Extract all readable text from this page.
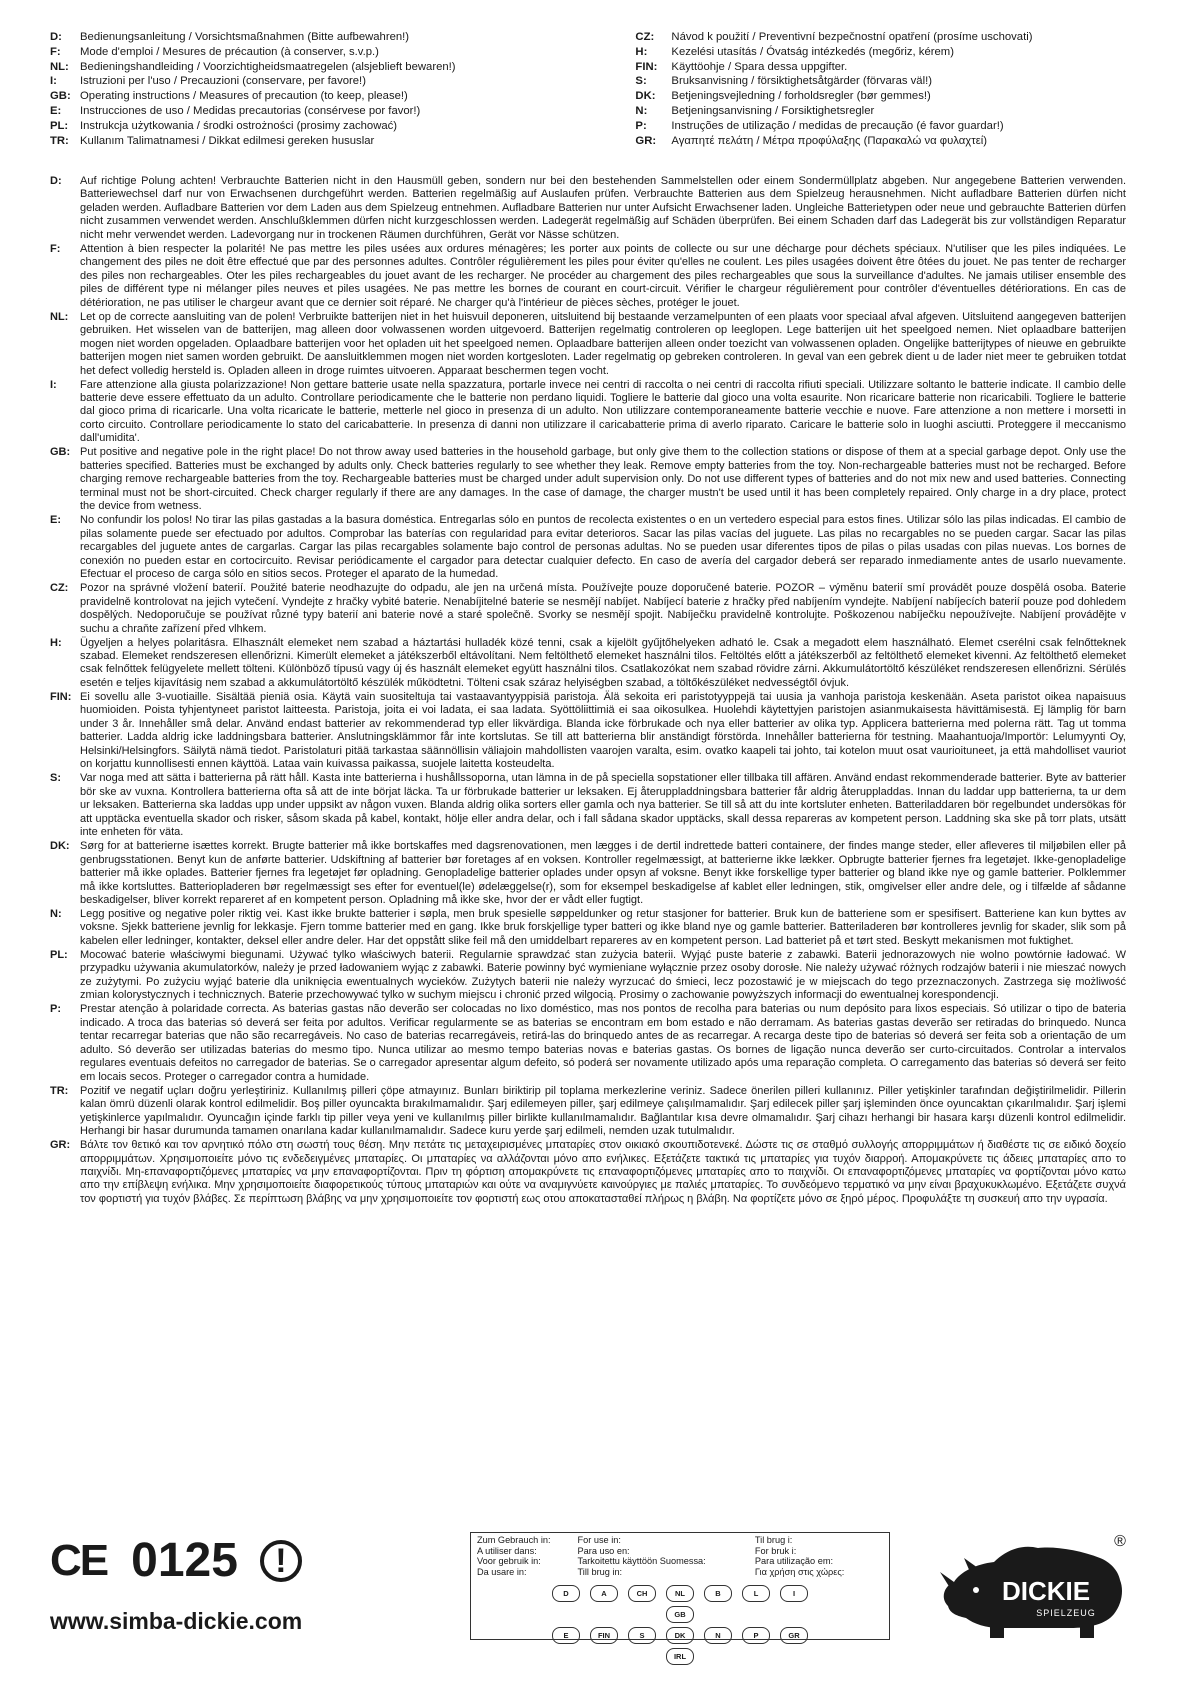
D:	Bedienungsanleitung / Vorsichtsmaßnahmen (Bitte aufbewahren!)
F:	Mode d'emploi / Mesures de précaution (à conserver, s.v.p.)
NL: Bedieningshandleiding / Voorzichtigheidsmaatregelen (alsjeblieft bewaren!)
I:	Istruzioni per l'uso / Precauzioni (conservare, per favore!)
GB: Operating instructions / Measures of precaution (to keep, please!)
E:	Instrucciones de uso / Medidas precautorias (consérvese por favor!)
PL:	Instrukcja użytkowania / środki ostrożności (prosimy zachować)
TR: Kullanım Talimatnamesi / Dikkat edilmesi gereken hususlar
CZ:	Návod k použití / Preventivní bezpečnostní opatření (prosíme uschovati)
H:	Kezelési utasítás / Óvatság intézkedés (megőriz, kérem)
FIN:	Käyttöohje / Spara dessa uppgifter.
S:	Bruksanvisning / försiktighetsåtgärder (förvaras väl!)
DK:	Betjeningsvejledning / forholdsregler (bør gemmes!)
N:	Betjeningsanvisning / Forsiktighetsregler
P:	Instruções de utilização / medidas de precaução (é favor guardar!)
GR:	Αγαπητέ πελάτη / Μέτρα προφύλαξης (Παρακαλώ να φυλαχτεί)
D:	Auf richtige Polung achten! Verbrauchte Batterien nicht in den Hausmüll geben, sondern nur bei den bestehenden Sammelstellen oder einem Sondermüllplatz abgeben. Nur angegebene Batterien verwenden. Batteriewechsel darf nur von Erwachsenen durchgeführt werden. Batterien regelmäßig auf Auslaufen prüfen. Verbrauchte Batterien aus dem Spielzeug herausnehmen. Nicht aufladbare Batterien dürfen nicht geladen werden. Aufladbare Batterien vor dem Laden aus dem Spielzeug entnehmen. Aufladbare Batterien nur unter Aufsicht Erwachsener laden. Ungleiche Batterietypen oder neue und gebrauchte Batterien dürfen nicht zusammen verwendet werden. Anschlußklemmen dürfen nicht kurzgeschlossen werden. Ladegerät regelmäßig auf Schäden überprüfen. Bei einem Schaden darf das Ladegerät bis zur vollständigen Reparatur nicht mehr verwendet werden. Ladevorgang nur in trockenen Räumen durchführen, Gerät vor Nässe schützen.
F:	Attention à bien respecter la polarité! Ne pas mettre les piles usées aux ordures ménagères; les porter aux points de collecte ou sur une décharge pour déchets spéciaux. N'utiliser que les piles indiquées. Le changement des piles ne doit être effectué que par des personnes adultes. Contrôler régulièrement les piles pour éviter qu'elles ne coulent. Les piles usagées doivent être ôtées du jouet. Ne pas tenter de recharger des piles non rechargeables. Oter les piles rechargeables du jouet avant de les recharger. Ne procéder au chargement des piles rechargeables que sous la surveillance d'adultes. Ne jamais utiliser ensemble des piles de différent type ni mélanger piles neuves et piles usagées. Ne pas mettre les bornes de courant en court-circuit. Vérifier le chargeur régulièrement pour contrôler d'éventuelles détériorations. En cas de détérioration, ne pas utiliser le chargeur avant que ce dernier soit réparé. Ne charger qu'à l'intérieur de pièces sèches, protéger le jouet.
NL:	Let op de correcte aansluiting van de polen! Verbruikte batterijen niet in het huisvuil deponeren, uitsluitend bij bestaande verzamelpunten of een plaats voor speciaal afval afgeven. Uitsluitend aangegeven batterijen gebruiken. Het wisselen van de batterijen, mag alleen door volwassenen worden uitgevoerd. Batterijen regelmatig controleren op leeglopen. Lege batterijen uit het speelgoed nemen. Niet oplaadbare batterijen mogen niet worden opgeladen. Oplaadbare batterijen voor het opladen uit het speelgoed nemen. Oplaadbare batterijen alleen onder toezicht van volwassenen opladen. Ongelijke batterijtypes of nieuwe en gebruikte batterijen mogen niet samen worden gebruikt. De aansluitklemmen mogen niet worden kortgesloten. Lader regelmatig op gebreken controleren. In geval van een gebrek dient u de lader niet meer te gebruiken totdat het defect volledig hersteld is. Opladen alleen in droge ruimtes uitvoeren. Apparaat beschermen tegen vocht.
I:	Fare attenzione alla giusta polarizzazione! Non gettare batterie usate nella spazzatura, portarle invece nei centri di raccolta o nei centri di raccolta rifiuti speciali. Utilizzare soltanto le batterie indicate. Il cambio delle batterie deve essere effettuato da un adulto. Controllare periodicamente che le batterie non perdano liquidi. Togliere le batterie dal gioco una volta esaurite. Non ricaricare batterie non ricaricabili. Togliere le batterie dal gioco prima di ricaricarle. Una volta ricaricate le batterie, metterle nel gioco in presenza di un adulto. Non utilizzare contemporaneamente batterie vecchie e nuove. Fare attenzione a non mettere i morsetti in corto circuito. Controllare periodicamente lo stato del caricabatterie. In presenza di danni non utilizzare il caricabatterie prima di averlo riparato. Caricare le batterie solo in luoghi asciutti. Proteggere il meccanismo dall'umidita'.
GB: Put positive and negative pole in the right place! Do not throw away used batteries in the household garbage, but only give them to the collection stations or dispose of them at a special garbage depot. Only use the batteries specified. Batteries must be exchanged by adults only. Check batteries regularly to see whether they leak. Remove empty batteries from the toy. Non-rechargeable batteries must not be recharged. Before charging remove rechargeable batteries from the toy. Rechargeable batteries must be charged under adult supervision only. Do not use different types of batteries and do not mix new and used batteries. Connecting terminal must not be short-circuited. Check charger regularly if there are any damages. In the case of damage, the charger mustn't be used until it has been completely repaired. Only charge in a dry place, protect the device from wetness.
E:	No confundir los polos! No tirar las pilas gastadas a la basura doméstica. Entregarlas sólo en puntos de recolecta existentes o en un vertedero especial para estos fines. Utilizar sólo las pilas indicadas. El cambio de pilas solamente puede ser efectuado por adultos. Comprobar las baterías con regularidad para evitar deterioros. Sacar las pilas vacías del juguete. Las pilas no recargables no se pueden cargar. Sacar las pilas recargables del juguete antes de cargarlas. Cargar las pilas recargables solamente bajo control de personas adultas. No se pueden usar diferentes tipos de pilas o pilas usadas con pilas nuevas. Los bornes de conexión no pueden estar en cortocircuito. Revisar periódicamente el cargador para detectar cualquier defecto. En caso de avería del cargador deberá ser reparado inmediamente antes de usarlo nuevamente. Efectuar el proceso de carga sólo en sitios secos. Proteger el aparato de la humedad.
CZ:	Pozor na správné vložení baterií. Použité baterie neodhazujte do odpadu, ale jen na určená místa. Používejte pouze doporučené baterie. POZOR – výměnu baterií smí provádět pouze dospělá osoba. Baterie pravidelně kontrolovat na jejich vytečení. Vyndejte z hračky vybité baterie. Nenabíjitelné baterie se nesmějí nabíjet. Nabíjecí baterie z hračky před nabíjením vyndejte. Nabíjení nabíjecích baterií pouze pod dohledem dospělých. Nedoporučuje se používat různé typy baterií ani baterie nové a staré společně. Svorky se nesmějí spojit. Nabíječku pravidelně kontrolujte. Poškozenou nabíječku nepoužívejte. Nabíjení provádějte v suchu a chraňte zařízení před vlhkem.
H:	Ügyeljen a helyes polaritásra. Elhasznált elemeket nem szabad a háztartási hulladék közé tenni, csak a kijelölt gyűjtőhelyeken adható le. Csak a megadott elem használható. Elemet cserélni csak felnőtteknek szabad. Elemeket rendszeresen ellenőrizni. Kimerült elemeket a játékszerből eltávolítani. Nem feltölthető elemeket használni tilos. Feltöltés előtt a játékszerből az feltölthető elemeket kivenni. Az feltölthető elemeket csak felnőttek felügyelete mellett tölteni. Különböző típusú vagy új és használt elemeket együtt használni tilos. Csatlakozókat nem szabad rövidre zárni. Akkumulátortöltő készüléket rendszeresen ellenőrizni. Sérülés esetén e teljes kijavításig nem szabad a akkumulátortöltő készülék működtetni. Tölteni csak száraz helyiségben szabad, a töltőkészüléket nedvességtől óvjuk.
FIN: Ei sovellu alle 3-vuotiaille. Sisältää pieniä osia. Käytä vain suositeltuja tai vastaavantyyppisiä paristoja. Älä sekoita eri paristotyyppejä tai uusia ja vanhoja paristoja keskenään. Aseta paristot oikea napaisuus huomioiden. Poista tyhjentyneet paristot laitteesta. Paristoja, joita ei voi ladata, ei saa ladata. Syöttöliittimiä ei saa oikosulkea. Huolehdi käytettyjen paristojen asianmukaisesta hävittämisestä. Ej lämplig för barn under 3 år. Innehåller små delar. Använd endast batterier av rekommenderad typ eller likvärdiga. Blanda icke förbrukade och nya eller batterier av olika typ. Applicera batterierna med polerna rätt. Tag ut tomma batterier. Ladda aldrig icke laddningsbara batterier. Anslutningsklämmor får inte kortslutas. Se till att batterierna blir anständigt förstörda. Innehåller batterierna för testning. Maahantuoja/Importör: Lelumyynti Oy, Helsinki/Helsingfors. Säilytä nämä tiedot. Paristolaturi pitää tarkastaa säännöllisin väliajoin mahdollisten vaarojen varalta, esim. ovatko kaapeli tai johto, tai kotelon muut osat vaurioituneet, ja että mahdolliset vauriot on korjattu kunnollisesti ennen käyttöä. Lataa vain kuivassa paikassa, suojele laitetta kosteudelta.
S:	Var noga med att sätta i batterierna på rätt håll. Kasta inte batterierna i hushållssoporna, utan lämna in de på speciella sopstationer eller tillbaka till affären. Använd endast rekommenderade batterier. Byte av batterier bör ske av vuxna. Kontrollera batterierna ofta så att de inte börjat läcka. Ta ur förbrukade batterier ur leksaken. Ej återuppladdningsbara batterier får aldrig återuppladdas. Innan du laddar upp batterierna, ta ur dem ur leksaken. Batterierna ska laddas upp under uppsikt av någon vuxen. Blanda aldrig olika sorters eller gamla och nya batterier. Se till så att du inte kortsluter enheten. Batteriladdaren bör regelbundet undersökas för att upptäcka eventuella skador och risker, såsom skada på kabel, kontakt, hölje eller andra delar, och i fall sådana skador upptäcks, skall dessa repareras av kompetent person. Laddning ska ske på torr plats, utsätt inte enheten för väta.
DK: Sørg for at batterierne isættes korrekt. Brugte batterier må ikke bortskaffes med dagsrenovationen, men lægges i de dertil indrettede batteri containere, der findes mange steder, eller afleveres til miljøbilen eller på genbrugsstationen. Benyt kun de anførte batterier. Udskiftning af batterier bør foretages af en voksen. Kontroller regelmæssigt, at batterierne ikke lækker. Opbrugte batterier fjernes fra legetøjet. Ikke-genopladelige batterier må ikke oplades. Batterier fjernes fra legetøjet før opladning. Genopladelige batterier oplades under opsyn af voksne. Benyt ikke forskellige typer batterier og bland ikke nye og gamle batterier. Polklemmer må ikke kortsluttes. Batteriopladeren bør regelmæssigt ses efter for eventuel(le) ødelæggelse(r), som for eksempel beskadigelse af kablet eller ledningen, stik, omgivelser eller andre dele, og i tilfælde af sådanne beskadigelser, bliver korrekt repareret af en kompetent person. Opladning må ikke ske, hvor der er vådt eller fugtigt.
N:	Legg positive og negative poler riktig vei. Kast ikke brukte batterier i søpla, men bruk spesielle søppeldunker og retur stasjoner for batterier. Bruk kun de batteriene som er spesifisert. Batteriene kan kun byttes av voksne. Sjekk batteriene jevnlig for lekkasje. Fjern tomme batterier med en gang. Ikke bruk forskjellige typer batteri og ikke bland nye og gamle batterier. Batteriladeren bør kontrolleres jevnlig for skader, slik som på kabelen eller ledninger, kontakter, deksel eller andre deler. Har det oppstått slike feil må den umiddelbart repareres av en kompetent person. Lad batteriet på et tørt sted. Beskytt mekanismen mot fuktighet.
PL:	Mocować baterie właściwymi biegunami. Używać tylko właściwych baterii. Regularnie sprawdzać stan zużycia baterii. Wyjąć puste baterie z zabawki. Baterii jednorazowych nie wolno powtórnie ładować. W przypadku używania akumulatorków, należy je przed ładowaniem wyjąc z zabawki. Baterie powinny być wymieniane wyłącznie przez osoby dorosłe. Nie należy używać różnych rodzajów baterii i nie mieszać nowych ze zużytymi. Po zużyciu wyjąć baterie dla uniknięcia ewentualnych wycieków. Zużytych baterii nie należy wyrzucać do śmieci, lecz pozostawić je w miejscach do tego przeznaczonych. Zastrzega się możliwość zmian kolorystycznych i technicznych. Baterie przechowywać tylko w suchym miejscu i chronić przed wilgocią. Prosimy o zachowanie powyższych informacji do ewentualnej korespondencji.
P:	Prestar atenção à polaridade correcta. As baterias gastas não deverão ser colocadas no lixo doméstico, mas nos pontos de recolha para baterias ou num depósito para lixos especiais. Só utilizar o tipo de bateria indicado. A troca das baterias só deverá ser feita por adultos. Verificar regularmente se as baterias se encontram em bom estado e não derramam. As baterias gastas deverão ser retiradas do brinquedo. Nunca tentar recarregar baterias que não são recarregáveis. No caso de baterias recarregáveis, retirá-las do brinquedo antes de as recarregar. A recarga deste tipo de baterias só deverá ser feita sob a orientação de um adulto. Só deverão ser utilizadas baterias do mesmo tipo. Nunca utilizar ao mesmo tempo baterias novas e baterias gastas. Os bornes de ligação nunca deverão ser curto-circuitados. Controlar a intervalos regulares eventuais defeitos no carregador de baterias. Se o carregador apresentar algum defeito, só poderá ser novamente utilizado após uma reparação completa. O carregamento das baterias só deverá ser feito em locais secos. Proteger o carregador contra a humidade.
TR:	Pozitif ve negatif uçları doğru yerleştiriniz. Kullanılmış pilleri çöpe atmayınız. Bunları biriktirip pil toplama merkezlerine veriniz. Sadece önerilen pilleri kullanınız. Piller yetişkinler tarafından değiştirilmelidir. Pillerin kalan ömrü düzenli olarak kontrol edilmelidir. Boş piller oyuncakta bırakılmamalıdır. Şarj edilemeyen piller, şarj edilmeye çalışılmamalıdır. Şarj edilecek piller şarj işleminden önce oyuncaktan çıkarılmalıdır. Şarj işlemi yetişkinlerce yapılmalıdır. Oyuncağın içinde farklı tip piller veya yeni ve kullanılmış piller birlikte kullanılmamalıdır. Bağlantılar kısa devre olmamalıdır. Şarj cihazı herhangi bir hasara karşı düzenli kontrol edilmelidir. Herhangi bir hasar durumunda tamamen onarılana kadar kullanılmamalıdır. Sadece kuru yerde şarj edilmeli, nemden uzak tutulmalıdır.
GR: Βάλτε τον θετικό και τον αρνητικό πόλο στη σωστή τους θέση. Μην πετάτε τις μεταχειρισμένες μπαταρίες στον οικιακό σκουπιδοτενεκέ. Δώστε τις σε σταθμό συλλογής απορριμμάτων ή διαθέστε τις σε ειδικό δοχείο απορριμμάτων. Χρησιμοποιείτε μόνο τις ενδεδειγμένες μπαταρίες. Οι μπαταρίες να αλλάζονται μόνο απο ενήλικες. Εξετάζετε τακτικά τις μπαταρίες για τυχόν διαρροή. Απομακρύνετε τις άδειες μπαταρίες απο το παιχνίδι. Μη-επαναφορτιζόμενες μπαταρίες να μην επαναφορτίζονται. Πριν τη φόρτιση απομακρύνετε τις επαναφορτιζόμενες μπαταρίες απο το παιχνίδι. Οι επαναφορτιζόμενες μπαταρίες να φορτίζονται μόνο κατω απο την επίβλεψη ενήλικα. Μην χρησιμοποιείτε διαφορετικούς τύπους μπαταριών και ούτε να αναμιγνύετε καινούργιες με παλιές μπαταρίες. Το συνδεόμενο τερματικό να μην είναι βραχυκυκλωμένο. Εξετάζετε συχνά τον φορτιστή για τυχόν βλάβες. Σε περίπτωση βλάβης να μην χρησιμοποιείτε τον φορτιστή εως οτου αποκατασταθεί πλήρως η βλάβη. Να φορτίζετε μόνο σε ξηρό μέρος. Προφυλάξτε τη συσκευή απο την υγρασία.
CE 0125	!
www.simba-dickie.com
Zum Gebrauch in:
A utiliser dans:
Voor gebruik in:
Da usare in:
For use in:
Para uso en:
Tarkoitettu käyttöön Suomessa:
Till brug in:
Til brug i:
For bruk i:
Para utilização em:
Για χρήση στις χώρες:
D	A	CH	NL	B	L	I
GB
E	FIN	S	DK	N	P	GR
IRL
DICKIE
SPIELZEUG
®
